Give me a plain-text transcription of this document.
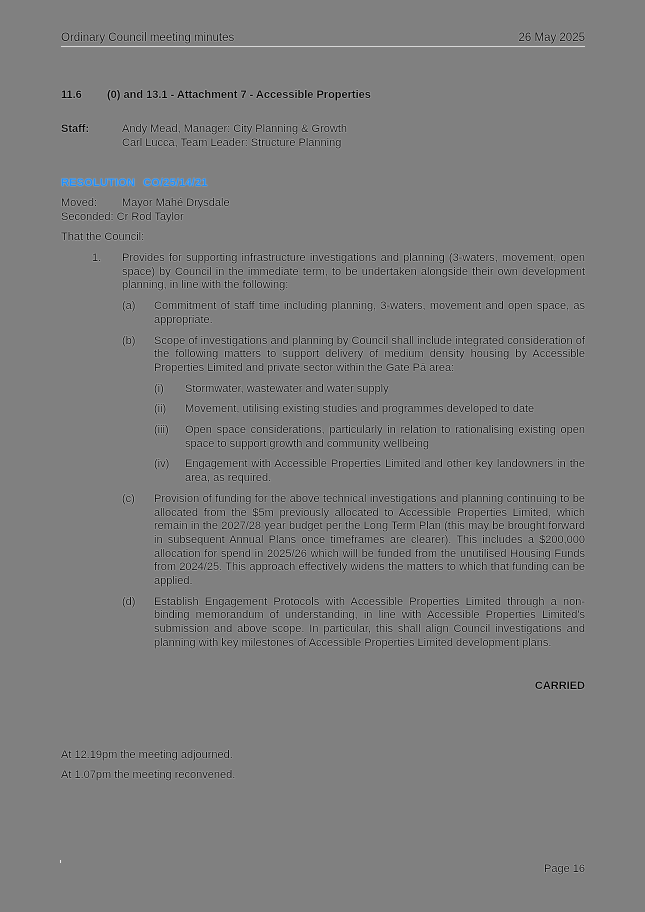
Ordinary Council meeting minutes	26 May 2025
11.6 (0) and 13.1 - Attachment 7 - Accessible Properties
Staff:	Andy Mead, Manager: City Planning & Growth
Carl Lucca, Team Leader: Structure Planning
RESOLUTION CO/25/14/21
Moved: Mayor Mahé Drysdale
Seconded: Cr Rod Taylor
That the Council:
1. Provides for supporting infrastructure investigations and planning (3-waters, movement, open space) by Council in the immediate term, to be undertaken alongside their own development planning, in line with the following:
(a) Commitment of staff time including planning, 3-waters, movement and open space, as appropriate.
(b) Scope of investigations and planning by Council shall include integrated consideration of the following matters to support delivery of medium density housing by Accessible Properties Limited and private sector within the Gate Pā area:
(i) Stormwater, wastewater and water supply
(ii) Movement, utilising existing studies and programmes developed to date
(iii) Open space considerations, particularly in relation to rationalising existing open space to support growth and community wellbeing
(iv) Engagement with Accessible Properties Limited and other key landowners in the area, as required.
(c) Provision of funding for the above technical investigations and planning continuing to be allocated from the $5m previously allocated to Accessible Properties Limited, which remain in the 2027/28 year budget per the Long Term Plan (this may be brought forward in subsequent Annual Plans once timeframes are clearer). This includes a $200,000 allocation for spend in 2025/26 which will be funded from the unutilised Housing Funds from 2024/25. This approach effectively widens the matters to which that funding can be applied.
(d) Establish Engagement Protocols with Accessible Properties Limited through a non-binding memorandum of understanding, in line with Accessible Properties Limited's submission and above scope. In particular, this shall align Council investigations and planning with key milestones of Accessible Properties Limited development plans.
CARRIED
At 12.19pm the meeting adjourned.
At 1.07pm the meeting reconvened.
Page 16
